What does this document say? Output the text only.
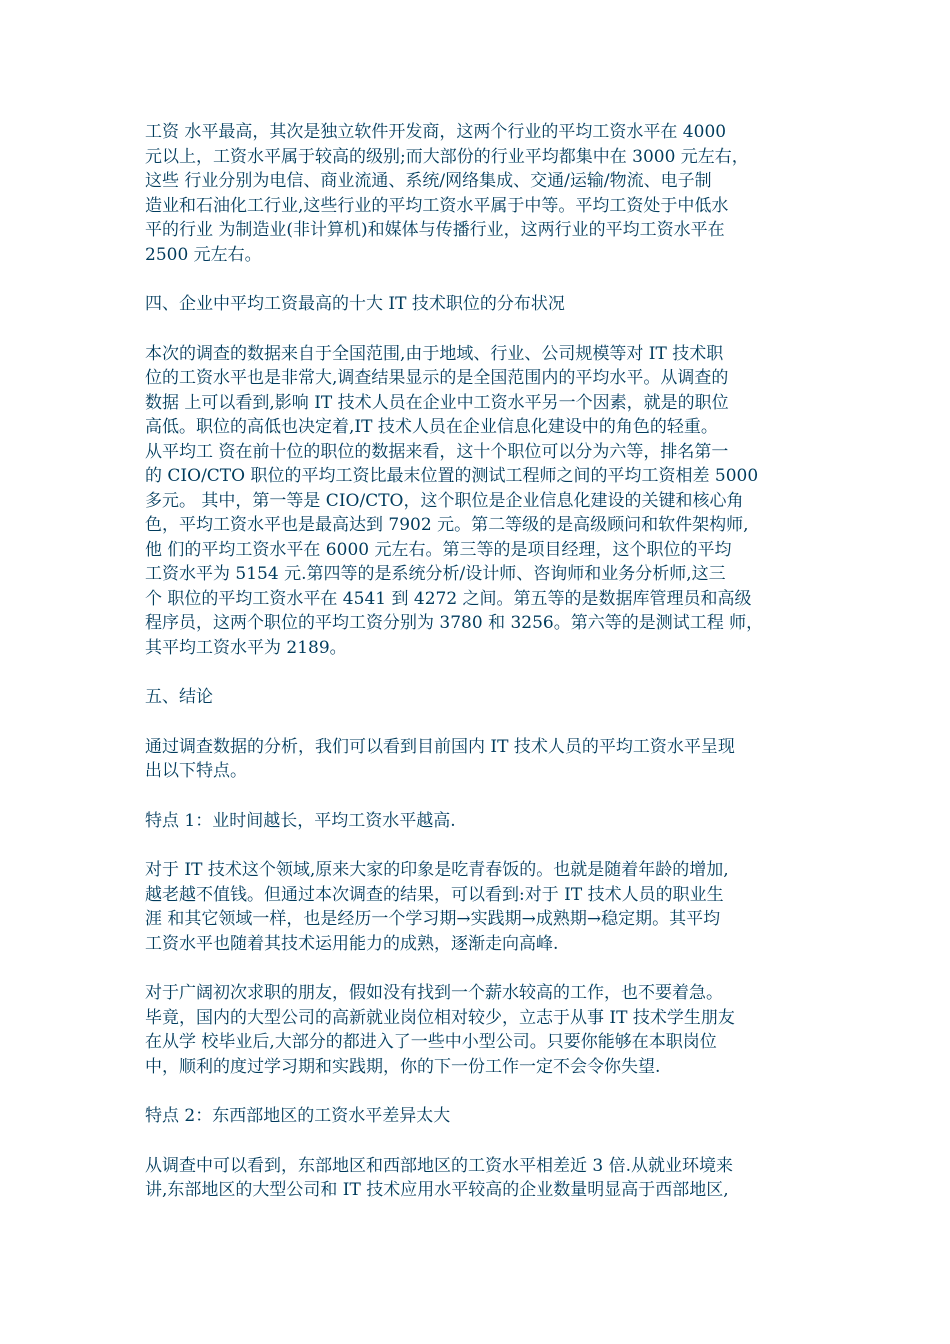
工资 水平最高，其次是独立软件开发商，这两个行业的平均工资水平在 4000
元以上，工资水平属于较高的级别;而大部份的行业平均都集中在 3000 元左右，
这些 行业分别为电信、商业流通、系统/网络集成、交通/运输/物流、电子制
造业和石油化工行业,这些行业的平均工资水平属于中等。平均工资处于中低水
平的行业 为制造业(非计算机)和媒体与传播行业，这两行业的平均工资水平在
2500 元左右。

四、企业中平均工资最高的十大 IT 技术职位的分布状况

本次的调查的数据来自于全国范围,由于地域、行业、公司规模等对 IT 技术职
位的工资水平也是非常大,调查结果显示的是全国范围内的平均水平。从调查的
数据 上可以看到,影响 IT 技术人员在企业中工资水平另一个因素，就是的职位
高低。职位的高低也决定着,IT 技术人员在企业信息化建设中的角色的轻重。
从平均工 资在前十位的职位的数据来看，这十个职位可以分为六等，排名第一
的 CIO/CTO 职位的平均工资比最末位置的测试工程师之间的平均工资相差 5000
多元。 其中，第一等是 CIO/CTO，这个职位是企业信息化建设的关键和核心角
色，平均工资水平也是最高达到 7902 元。第二等级的是高级顾问和软件架构师,
他 们的平均工资水平在 6000 元左右。第三等的是项目经理，这个职位的平均
工资水平为 5154 元.第四等的是系统分析/设计师、咨询师和业务分析师,这三
个 职位的平均工资水平在 4541 到 4272 之间。第五等的是数据库管理员和高级
程序员，这两个职位的平均工资分别为 3780 和 3256。第六等的是测试工程 师，
其平均工资水平为 2189。

五、结论

通过调查数据的分析，我们可以看到目前国内 IT 技术人员的平均工资水平呈现
出以下特点。

特点 1：业时间越长，平均工资水平越高.

对于 IT 技术这个领域,原来大家的印象是吃青春饭的。也就是随着年龄的增加,
越老越不值钱。但通过本次调查的结果，可以看到:对于 IT 技术人员的职业生
涯 和其它领域一样，也是经历一个学习期→实践期→成熟期→稳定期。其平均
工资水平也随着其技术运用能力的成熟，逐渐走向高峰.

对于广阔初次求职的朋友，假如没有找到一个薪水较高的工作，也不要着急。
毕竟，国内的大型公司的高新就业岗位相对较少，立志于从事 IT 技术学生朋友
在从学 校毕业后,大部分的都进入了一些中小型公司。只要你能够在本职岗位
中，顺利的度过学习期和实践期，你的下一份工作一定不会令你失望.

特点 2：东西部地区的工资水平差异太大

从调查中可以看到，东部地区和西部地区的工资水平相差近 3 倍.从就业环境来
讲,东部地区的大型公司和 IT 技术应用水平较高的企业数量明显高于西部地区,
